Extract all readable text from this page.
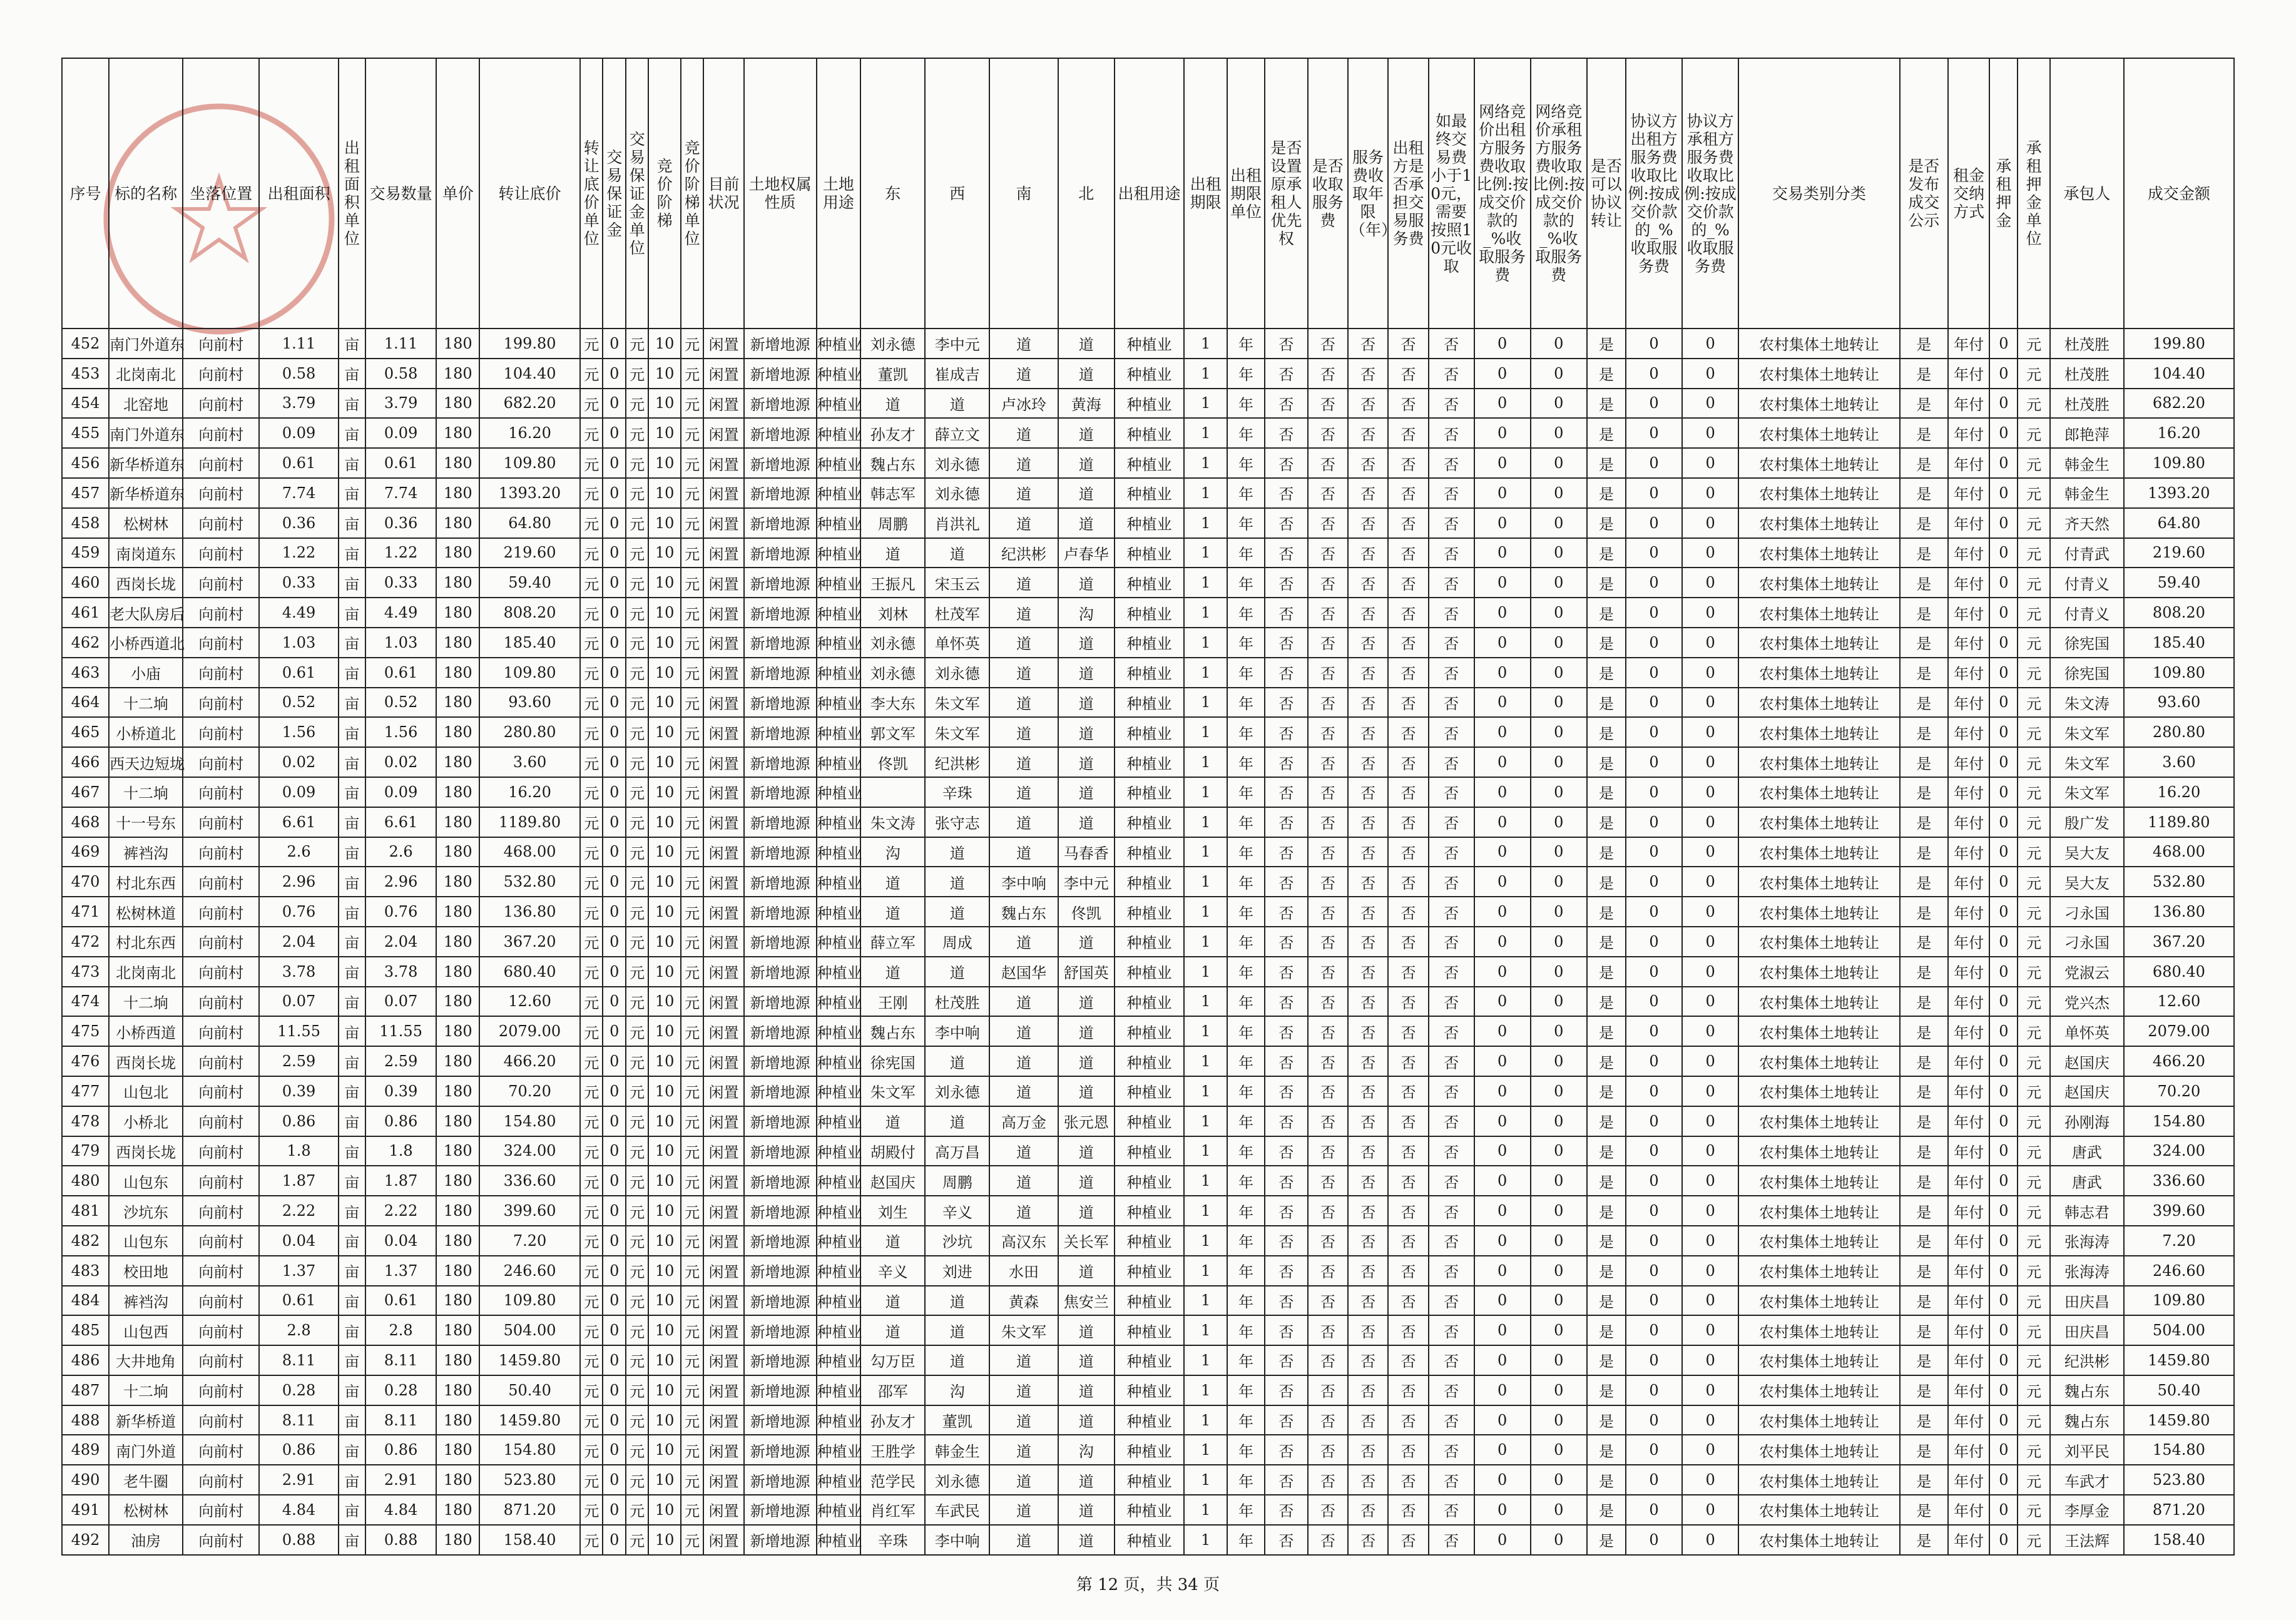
序号	标的名称	坐落位置	出租面积	出租面积单位	交易数量	单价	转让底价	转让底价单位	交易保证金	交易保证金单位	竞价阶梯	竞价阶梯单位	目前状况	土地权属性质	土地用途	东	西	南	北	出租用途	出租期限	出租期限单位	是否设置原承租人优先权	是否收取服务费	服务费收取年限（年）	出租方是否承担交易服务费	如最终交易费小于10元，需要按照10元收取	网络竞价出租方服务费收取比例:按成交价款的_%收取服务费	网络竞价承租方服务费收取比例:按成交价款的_%收取服务费	是否可以协议转让	协议方出租方服务费收取比例:按成交价款的_%收取服务费	协议方承租方服务费收取比例:按成交价款的_%收取服务费	交易类别分类	是否发布成交公示	租金交纳方式	承租押金	承租押金单位	承包人	成交金额
452	南门外道东	向前村	1.11	亩	1.11	180	199.80	元	0	元	10	元	闲置	新增地源	种植业	刘永德	李中元	道	道	种植业	1	年	否	否	否	否	否	0	0	是	0	0	农村集体土地转让	是	年付	0	元	杜茂胜	199.80
453	北岗南北	向前村	0.58	亩	0.58	180	104.40	元	0	元	10	元	闲置	新增地源	种植业	董凯	崔成吉	道	道	种植业	1	年	否	否	否	否	否	0	0	是	0	0	农村集体土地转让	是	年付	0	元	杜茂胜	104.40
454	北窑地	向前村	3.79	亩	3.79	180	682.20	元	0	元	10	元	闲置	新增地源	种植业	道	道	卢冰玲	黄海	种植业	1	年	否	否	否	否	否	0	0	是	0	0	农村集体土地转让	是	年付	0	元	杜茂胜	682.20
455	南门外道东	向前村	0.09	亩	0.09	180	16.20	元	0	元	10	元	闲置	新增地源	种植业	孙友才	薛立文	道	道	种植业	1	年	否	否	否	否	否	0	0	是	0	0	农村集体土地转让	是	年付	0	元	郎艳萍	16.20
456	新华桥道东	向前村	0.61	亩	0.61	180	109.80	元	0	元	10	元	闲置	新增地源	种植业	魏占东	刘永德	道	道	种植业	1	年	否	否	否	否	否	0	0	是	0	0	农村集体土地转让	是	年付	0	元	韩金生	109.80
457	新华桥道东	向前村	7.74	亩	7.74	180	1393.20	元	0	元	10	元	闲置	新增地源	种植业	韩志军	刘永德	道	道	种植业	1	年	否	否	否	否	否	0	0	是	0	0	农村集体土地转让	是	年付	0	元	韩金生	1393.20
458	松树林	向前村	0.36	亩	0.36	180	64.80	元	0	元	10	元	闲置	新增地源	种植业	周鹏	肖洪礼	道	道	种植业	1	年	否	否	否	否	否	0	0	是	0	0	农村集体土地转让	是	年付	0	元	齐天然	64.80
459	南岗道东	向前村	1.22	亩	1.22	180	219.60	元	0	元	10	元	闲置	新增地源	种植业	道	道	纪洪彬	卢春华	种植业	1	年	否	否	否	否	否	0	0	是	0	0	农村集体土地转让	是	年付	0	元	付青武	219.60
460	西岗长垅	向前村	0.33	亩	0.33	180	59.40	元	0	元	10	元	闲置	新增地源	种植业	王振凡	宋玉云	道	道	种植业	1	年	否	否	否	否	否	0	0	是	0	0	农村集体土地转让	是	年付	0	元	付青义	59.40
461	老大队房后	向前村	4.49	亩	4.49	180	808.20	元	0	元	10	元	闲置	新增地源	种植业	刘林	杜茂军	道	沟	种植业	1	年	否	否	否	否	否	0	0	是	0	0	农村集体土地转让	是	年付	0	元	付青义	808.20
462	小桥西道北	向前村	1.03	亩	1.03	180	185.40	元	0	元	10	元	闲置	新增地源	种植业	刘永德	单怀英	道	道	种植业	1	年	否	否	否	否	否	0	0	是	0	0	农村集体土地转让	是	年付	0	元	徐宪国	185.40
463	小庙	向前村	0.61	亩	0.61	180	109.80	元	0	元	10	元	闲置	新增地源	种植业	刘永德	刘永德	道	道	种植业	1	年	否	否	否	否	否	0	0	是	0	0	农村集体土地转让	是	年付	0	元	徐宪国	109.80
464	十二垧	向前村	0.52	亩	0.52	180	93.60	元	0	元	10	元	闲置	新增地源	种植业	李大东	朱文军	道	道	种植业	1	年	否	否	否	否	否	0	0	是	0	0	农村集体土地转让	是	年付	0	元	朱文涛	93.60
465	小桥道北	向前村	1.56	亩	1.56	180	280.80	元	0	元	10	元	闲置	新增地源	种植业	郭文军	朱文军	道	道	种植业	1	年	否	否	否	否	否	0	0	是	0	0	农村集体土地转让	是	年付	0	元	朱文军	280.80
466	西天边短垅	向前村	0.02	亩	0.02	180	3.60	元	0	元	10	元	闲置	新增地源	种植业	佟凯	纪洪彬	道	道	种植业	1	年	否	否	否	否	否	0	0	是	0	0	农村集体土地转让	是	年付	0	元	朱文军	3.60
467	十二垧	向前村	0.09	亩	0.09	180	16.20	元	0	元	10	元	闲置	新增地源	种植业		辛珠	道	道	种植业	1	年	否	否	否	否	否	0	0	是	0	0	农村集体土地转让	是	年付	0	元	朱文军	16.20
468	十一号东	向前村	6.61	亩	6.61	180	1189.80	元	0	元	10	元	闲置	新增地源	种植业	朱文涛	张守志	道	道	种植业	1	年	否	否	否	否	否	0	0	是	0	0	农村集体土地转让	是	年付	0	元	殷广发	1189.80
469	裤裆沟	向前村	2.6	亩	2.6	180	468.00	元	0	元	10	元	闲置	新增地源	种植业	沟	道	道	马春香	种植业	1	年	否	否	否	否	否	0	0	是	0	0	农村集体土地转让	是	年付	0	元	吴大友	468.00
470	村北东西	向前村	2.96	亩	2.96	180	532.80	元	0	元	10	元	闲置	新增地源	种植业	道	道	李中响	李中元	种植业	1	年	否	否	否	否	否	0	0	是	0	0	农村集体土地转让	是	年付	0	元	吴大友	532.80
471	松树林道	向前村	0.76	亩	0.76	180	136.80	元	0	元	10	元	闲置	新增地源	种植业	道	道	魏占东	佟凯	种植业	1	年	否	否	否	否	否	0	0	是	0	0	农村集体土地转让	是	年付	0	元	刁永国	136.80
472	村北东西	向前村	2.04	亩	2.04	180	367.20	元	0	元	10	元	闲置	新增地源	种植业	薛立军	周成	道	道	种植业	1	年	否	否	否	否	否	0	0	是	0	0	农村集体土地转让	是	年付	0	元	刁永国	367.20
473	北岗南北	向前村	3.78	亩	3.78	180	680.40	元	0	元	10	元	闲置	新增地源	种植业	道	道	赵国华	舒国英	种植业	1	年	否	否	否	否	否	0	0	是	0	0	农村集体土地转让	是	年付	0	元	党淑云	680.40
474	十二垧	向前村	0.07	亩	0.07	180	12.60	元	0	元	10	元	闲置	新增地源	种植业	王刚	杜茂胜	道	道	种植业	1	年	否	否	否	否	否	0	0	是	0	0	农村集体土地转让	是	年付	0	元	党兴杰	12.60
475	小桥西道	向前村	11.55	亩	11.55	180	2079.00	元	0	元	10	元	闲置	新增地源	种植业	魏占东	李中响	道	道	种植业	1	年	否	否	否	否	否	0	0	是	0	0	农村集体土地转让	是	年付	0	元	单怀英	2079.00
476	西岗长垅	向前村	2.59	亩	2.59	180	466.20	元	0	元	10	元	闲置	新增地源	种植业	徐宪国	道	道	道	种植业	1	年	否	否	否	否	否	0	0	是	0	0	农村集体土地转让	是	年付	0	元	赵国庆	466.20
477	山包北	向前村	0.39	亩	0.39	180	70.20	元	0	元	10	元	闲置	新增地源	种植业	朱文军	刘永德	道	道	种植业	1	年	否	否	否	否	否	0	0	是	0	0	农村集体土地转让	是	年付	0	元	赵国庆	70.20
478	小桥北	向前村	0.86	亩	0.86	180	154.80	元	0	元	10	元	闲置	新增地源	种植业	道	道	高万金	张元恩	种植业	1	年	否	否	否	否	否	0	0	是	0	0	农村集体土地转让	是	年付	0	元	孙刚海	154.80
479	西岗长垅	向前村	1.8	亩	1.8	180	324.00	元	0	元	10	元	闲置	新增地源	种植业	胡殿付	高万昌	道	道	种植业	1	年	否	否	否	否	否	0	0	是	0	0	农村集体土地转让	是	年付	0	元	唐武	324.00
480	山包东	向前村	1.87	亩	1.87	180	336.60	元	0	元	10	元	闲置	新增地源	种植业	赵国庆	周鹏	道	道	种植业	1	年	否	否	否	否	否	0	0	是	0	0	农村集体土地转让	是	年付	0	元	唐武	336.60
481	沙坑东	向前村	2.22	亩	2.22	180	399.60	元	0	元	10	元	闲置	新增地源	种植业	刘生	辛义	道	道	种植业	1	年	否	否	否	否	否	0	0	是	0	0	农村集体土地转让	是	年付	0	元	韩志君	399.60
482	山包东	向前村	0.04	亩	0.04	180	7.20	元	0	元	10	元	闲置	新增地源	种植业	道	沙坑	高汉东	关长军	种植业	1	年	否	否	否	否	否	0	0	是	0	0	农村集体土地转让	是	年付	0	元	张海涛	7.20
483	校田地	向前村	1.37	亩	1.37	180	246.60	元	0	元	10	元	闲置	新增地源	种植业	辛义	刘进	水田	道	种植业	1	年	否	否	否	否	否	0	0	是	0	0	农村集体土地转让	是	年付	0	元	张海涛	246.60
484	裤裆沟	向前村	0.61	亩	0.61	180	109.80	元	0	元	10	元	闲置	新增地源	种植业	道	道	黄森	焦安兰	种植业	1	年	否	否	否	否	否	0	0	是	0	0	农村集体土地转让	是	年付	0	元	田庆昌	109.80
485	山包西	向前村	2.8	亩	2.8	180	504.00	元	0	元	10	元	闲置	新增地源	种植业	道	道	朱文军	道	种植业	1	年	否	否	否	否	否	0	0	是	0	0	农村集体土地转让	是	年付	0	元	田庆昌	504.00
486	大井地角	向前村	8.11	亩	8.11	180	1459.80	元	0	元	10	元	闲置	新增地源	种植业	勾万臣	道	道	道	种植业	1	年	否	否	否	否	否	0	0	是	0	0	农村集体土地转让	是	年付	0	元	纪洪彬	1459.80
487	十二垧	向前村	0.28	亩	0.28	180	50.40	元	0	元	10	元	闲置	新增地源	种植业	邵军	沟	道	道	种植业	1	年	否	否	否	否	否	0	0	是	0	0	农村集体土地转让	是	年付	0	元	魏占东	50.40
488	新华桥道	向前村	8.11	亩	8.11	180	1459.80	元	0	元	10	元	闲置	新增地源	种植业	孙友才	董凯	道	道	种植业	1	年	否	否	否	否	否	0	0	是	0	0	农村集体土地转让	是	年付	0	元	魏占东	1459.80
489	南门外道	向前村	0.86	亩	0.86	180	154.80	元	0	元	10	元	闲置	新增地源	种植业	王胜学	韩金生	道	沟	种植业	1	年	否	否	否	否	否	0	0	是	0	0	农村集体土地转让	是	年付	0	元	刘平民	154.80
490	老牛圈	向前村	2.91	亩	2.91	180	523.80	元	0	元	10	元	闲置	新增地源	种植业	范学民	刘永德	道	道	种植业	1	年	否	否	否	否	否	0	0	是	0	0	农村集体土地转让	是	年付	0	元	车武才	523.80
491	松树林	向前村	4.84	亩	4.84	180	871.20	元	0	元	10	元	闲置	新增地源	种植业	肖红军	车武民	道	道	种植业	1	年	否	否	否	否	否	0	0	是	0	0	农村集体土地转让	是	年付	0	元	李厚金	871.20
492	油房	向前村	0.88	亩	0.88	180	158.40	元	0	元	10	元	闲置	新增地源	种植业	辛珠	李中响	道	道	种植业	1	年	否	否	否	否	否	0	0	是	0	0	农村集体土地转让	是	年付	0	元	王法辉	158.40
第 12 页，共 34 页
